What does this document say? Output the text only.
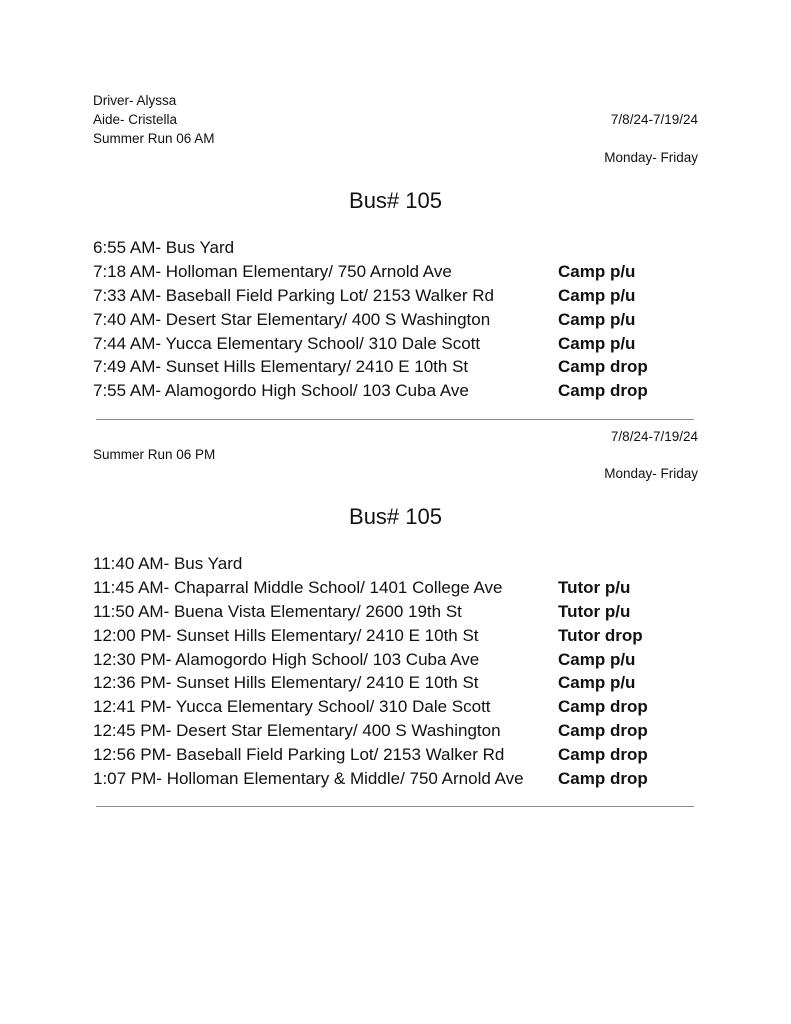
Driver- Alyssa
Aide- Cristella	7/8/24-7/19/24
Summer Run 06 AM
Monday- Friday
Bus# 105
6:55 AM- Bus Yard
7:18 AM- Holloman Elementary/ 750 Arnold Ave	Camp p/u
7:33 AM- Baseball Field Parking Lot/ 2153 Walker Rd	Camp p/u
7:40 AM- Desert Star Elementary/ 400 S Washington	Camp p/u
7:44 AM- Yucca Elementary School/ 310 Dale Scott	Camp p/u
7:49 AM- Sunset Hills Elementary/ 2410 E 10th St	Camp drop
7:55 AM- Alamogordo High School/ 103 Cuba Ave	Camp drop
7/8/24-7/19/24
Summer Run 06 PM
Monday- Friday
Bus# 105
11:40 AM- Bus Yard
11:45 AM- Chaparral Middle School/ 1401 College Ave	Tutor p/u
11:50 AM- Buena Vista Elementary/ 2600 19th St	Tutor p/u
12:00 PM- Sunset Hills Elementary/ 2410 E 10th St	Tutor drop
12:30 PM- Alamogordo High School/ 103 Cuba Ave	Camp p/u
12:36 PM- Sunset Hills Elementary/ 2410 E 10th St	Camp p/u
12:41 PM- Yucca Elementary School/ 310 Dale Scott	Camp drop
12:45 PM- Desert Star Elementary/ 400 S Washington	Camp drop
12:56 PM- Baseball Field Parking Lot/ 2153 Walker Rd	Camp drop
1:07 PM- Holloman Elementary & Middle/ 750 Arnold Ave Camp drop
